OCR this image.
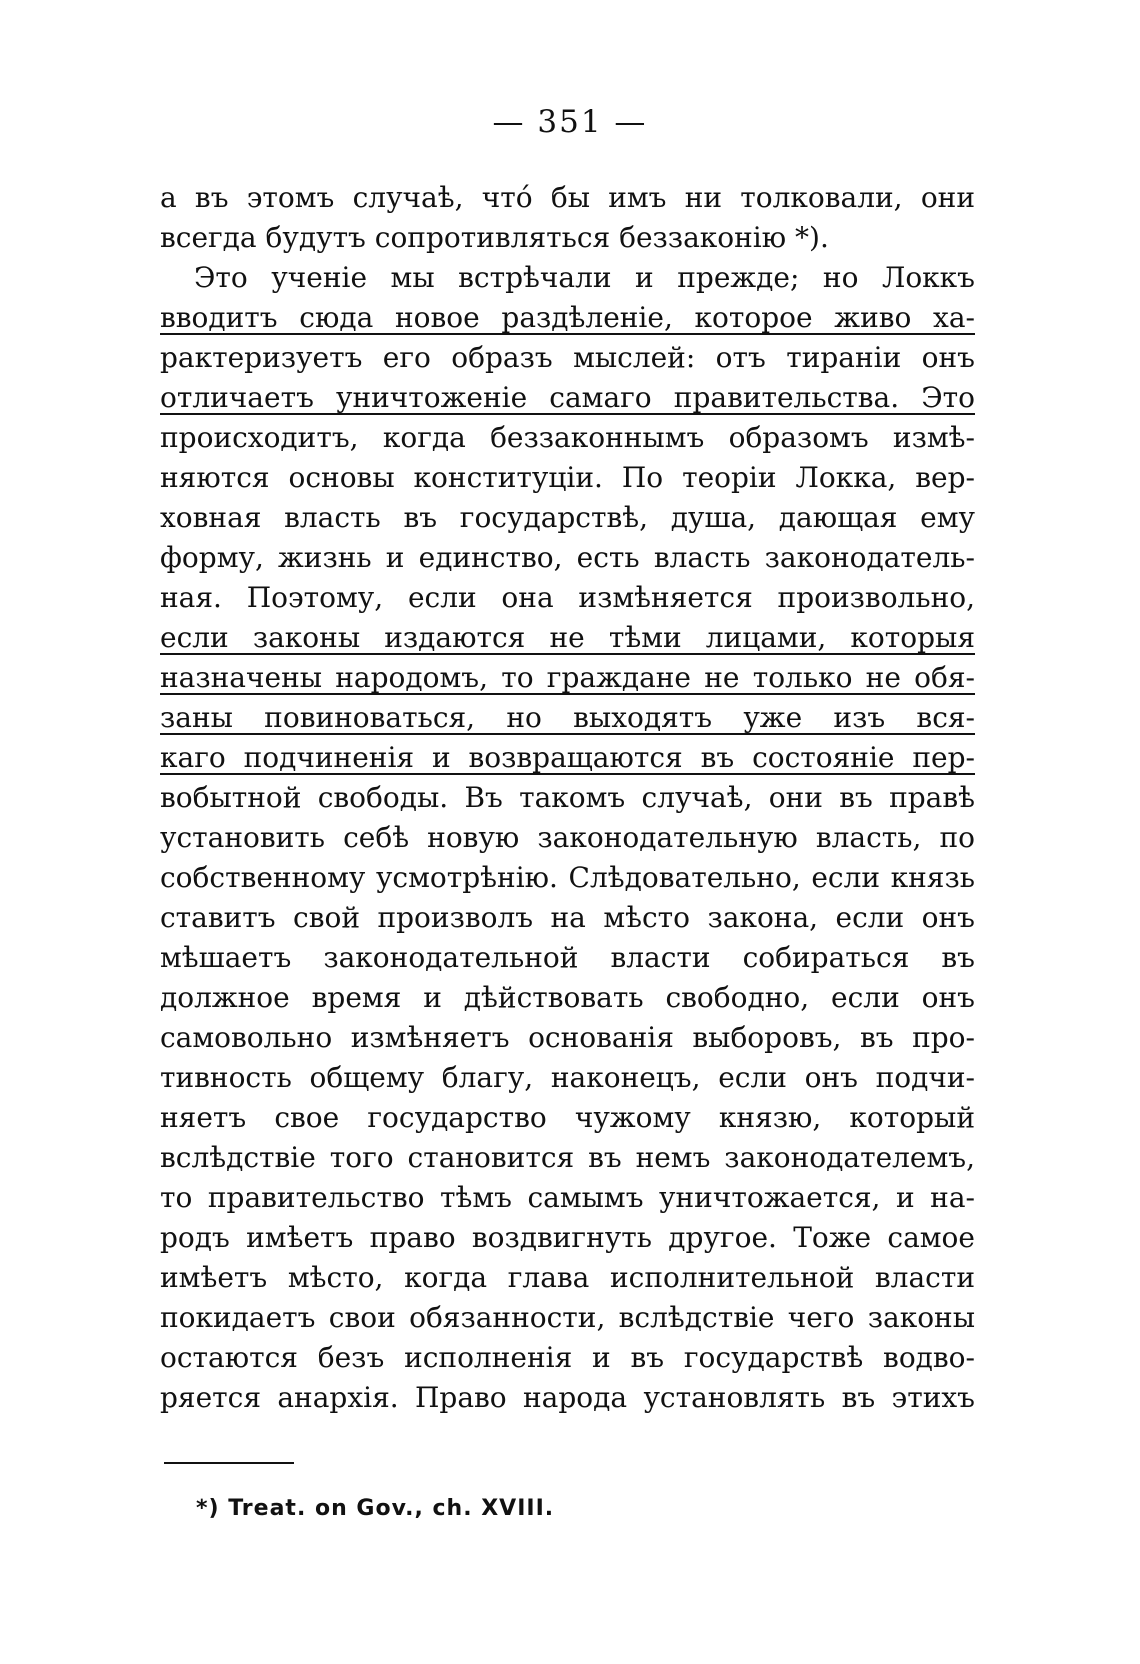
— 351 —
а въ этомъ случаѣ, чтó бы имъ ни толковали, они
всегда будутъ сопротивляться беззаконію *).
Это ученіе мы встрѣчали и прежде; но Локкъ
вводитъ сюда новое раздѣленіе, которое живо ха-
рактеризуетъ его образъ мыслей: отъ тираніи онъ
отличаетъ уничтоженіе самаго правительства. Это
происходитъ, когда беззаконнымъ образомъ измѣ-
няются основы конституціи. По теоріи Локка, вер-
ховная власть въ государствѣ, душа, дающая ему
форму, жизнь и единство, есть власть законодатель-
ная. Поэтому, если она измѣняется произвольно,
если законы издаются не тѣми лицами, которыя
назначены народомъ, то граждане не только не обя-
заны повиноваться, но выходятъ уже изъ вся-
каго подчиненія и возвращаются въ состояніе пер-
вобытной свободы. Въ такомъ случаѣ, они въ правѣ
установить себѣ новую законодательную власть, по
собственному усмотрѣнію. Слѣдовательно, если князь
ставитъ свой произволъ на мѣсто закона, если онъ
мѣшаетъ законодательной власти собираться въ
должное время и дѣйствовать свободно, если онъ
самовольно измѣняетъ основанія выборовъ, въ про-
тивность общему благу, наконецъ, если онъ подчи-
няетъ свое государство чужому князю, который
вслѣдствіе того становится въ немъ законодателемъ,
то правительство тѣмъ самымъ уничтожается, и на-
родъ имѣетъ право воздвигнуть другое. Тоже самое
имѣетъ мѣсто, когда глава исполнительной власти
покидаетъ свои обязанности, вслѣдствіе чего законы
остаются безъ исполненія и въ государствѣ водво-
ряется анархія. Право народа установлять въ этихъ
*) Treat. on Gov., ch. XVIII.
